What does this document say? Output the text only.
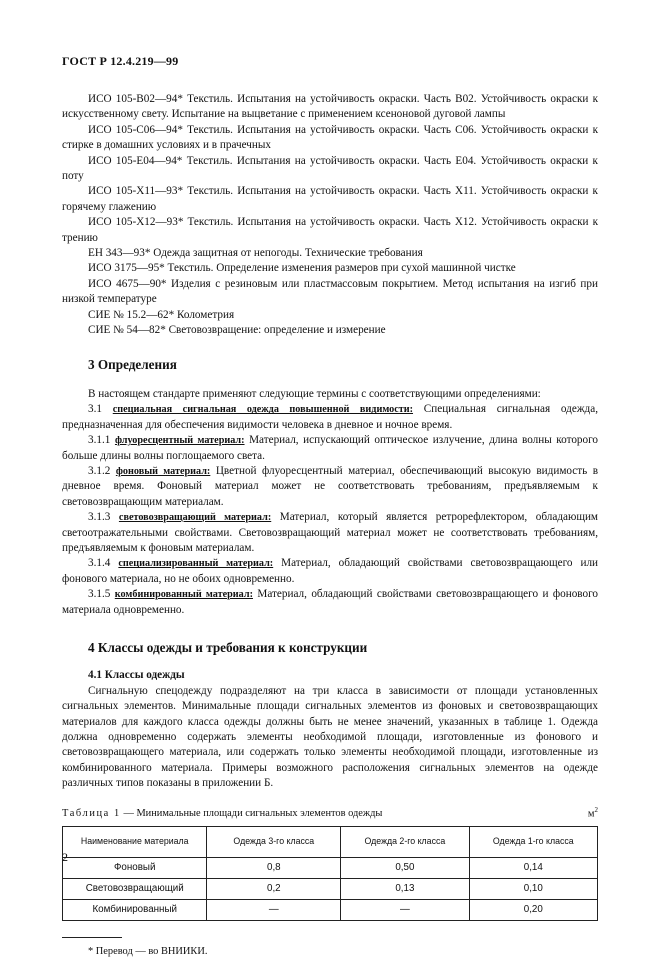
ГОСТ Р 12.4.219—99

ИСО 105-В02—94* Текстиль. Испытания на устойчивость окраски. Часть В02. Устойчивость окраски к искусственному свету. Испытание на выцветание с применением ксеноновой дуговой лампы

ИСО 105-С06—94* Текстиль. Испытания на устойчивость окраски. Часть С06. Устойчивость окраски к стирке в домашних условиях и в прачечных

ИСО 105-Е04—94* Текстиль. Испытания на устойчивость окраски. Часть Е04. Устойчивость окраски к поту

ИСО 105-Х11—93* Текстиль. Испытания на устойчивость окраски. Часть Х11. Устойчивость окраски к горячему глажению

ИСО 105-Х12—93* Текстиль. Испытания на устойчивость окраски. Часть Х12. Устойчивость окраски к трению

ЕН 343—93* Одежда защитная от непогоды. Технические требования

ИСО 3175—95* Текстиль. Определение изменения размеров при сухой машинной чистке

ИСО 4675—90* Изделия с резиновым или пластмассовым покрытием. Метод испытания на изгиб при низкой температуре

СИЕ № 15.2—62* Колометрия

СИЕ № 54—82* Световозвращение: определение и измерение

3 Определения

В настоящем стандарте применяют следующие термины с соответствующими определениями:

3.1 специальная сигнальная одежда повышенной видимости: Специальная сигнальная одежда, предназначенная для обеспечения видимости человека в дневное и ночное время.

3.1.1 флуоресцентный материал: Материал, испускающий оптическое излучение, длина волны которого больше длины волны поглощаемого света.

3.1.2 фоновый материал: Цветной флуоресцентный материал, обеспечивающий высокую видимость в дневное время. Фоновый материал может не соответствовать требованиям, предъявляемым к световозвращающим материалам.

3.1.3 световозвращающий материал: Материал, который является ретрорефлектором, обладающим светоотражательными свойствами. Световозвращающий материал может не соответствовать требованиям, предъявляемым к фоновым материалам.

3.1.4 специализированный материал: Материал, обладающий свойствами световозвращающего или фонового материала, но не обоих одновременно.

3.1.5 комбинированный материал: Материал, обладающий свойствами световозвращающего и фонового материала одновременно.

4 Классы одежды и требования к конструкции
4.1 Классы одежды

Сигнальную спецодежду подразделяют на три класса в зависимости от площади установленных сигнальных элементов. Минимальные площади сигнальных элементов из фоновых и световозвращающих материалов для каждого класса одежды должны быть не менее значений, указанных в таблице 1. Одежда должна одновременно содержать элементы необходимой площади, изготовленные из фонового и световозвращающего материала, или содержать только элементы необходимой площади, изготовленные из комбинированного материала. Примеры возможного расположения сигнальных элементов на одежде различных типов показаны в приложении Б.

Таблица 1 — Минимальные площади сигнальных элементов одежды	$м^2$
Наименование материала	Одежда 3-го класса	Одежда 2-го класса	Одежда 1-го класса
Фоновый	0,8	0,50	0,14
Световозвращающий	0,2	0,13	0,10
Комбинированный	—	—	0,20
* Перевод — во ВНИИКИ.
2
